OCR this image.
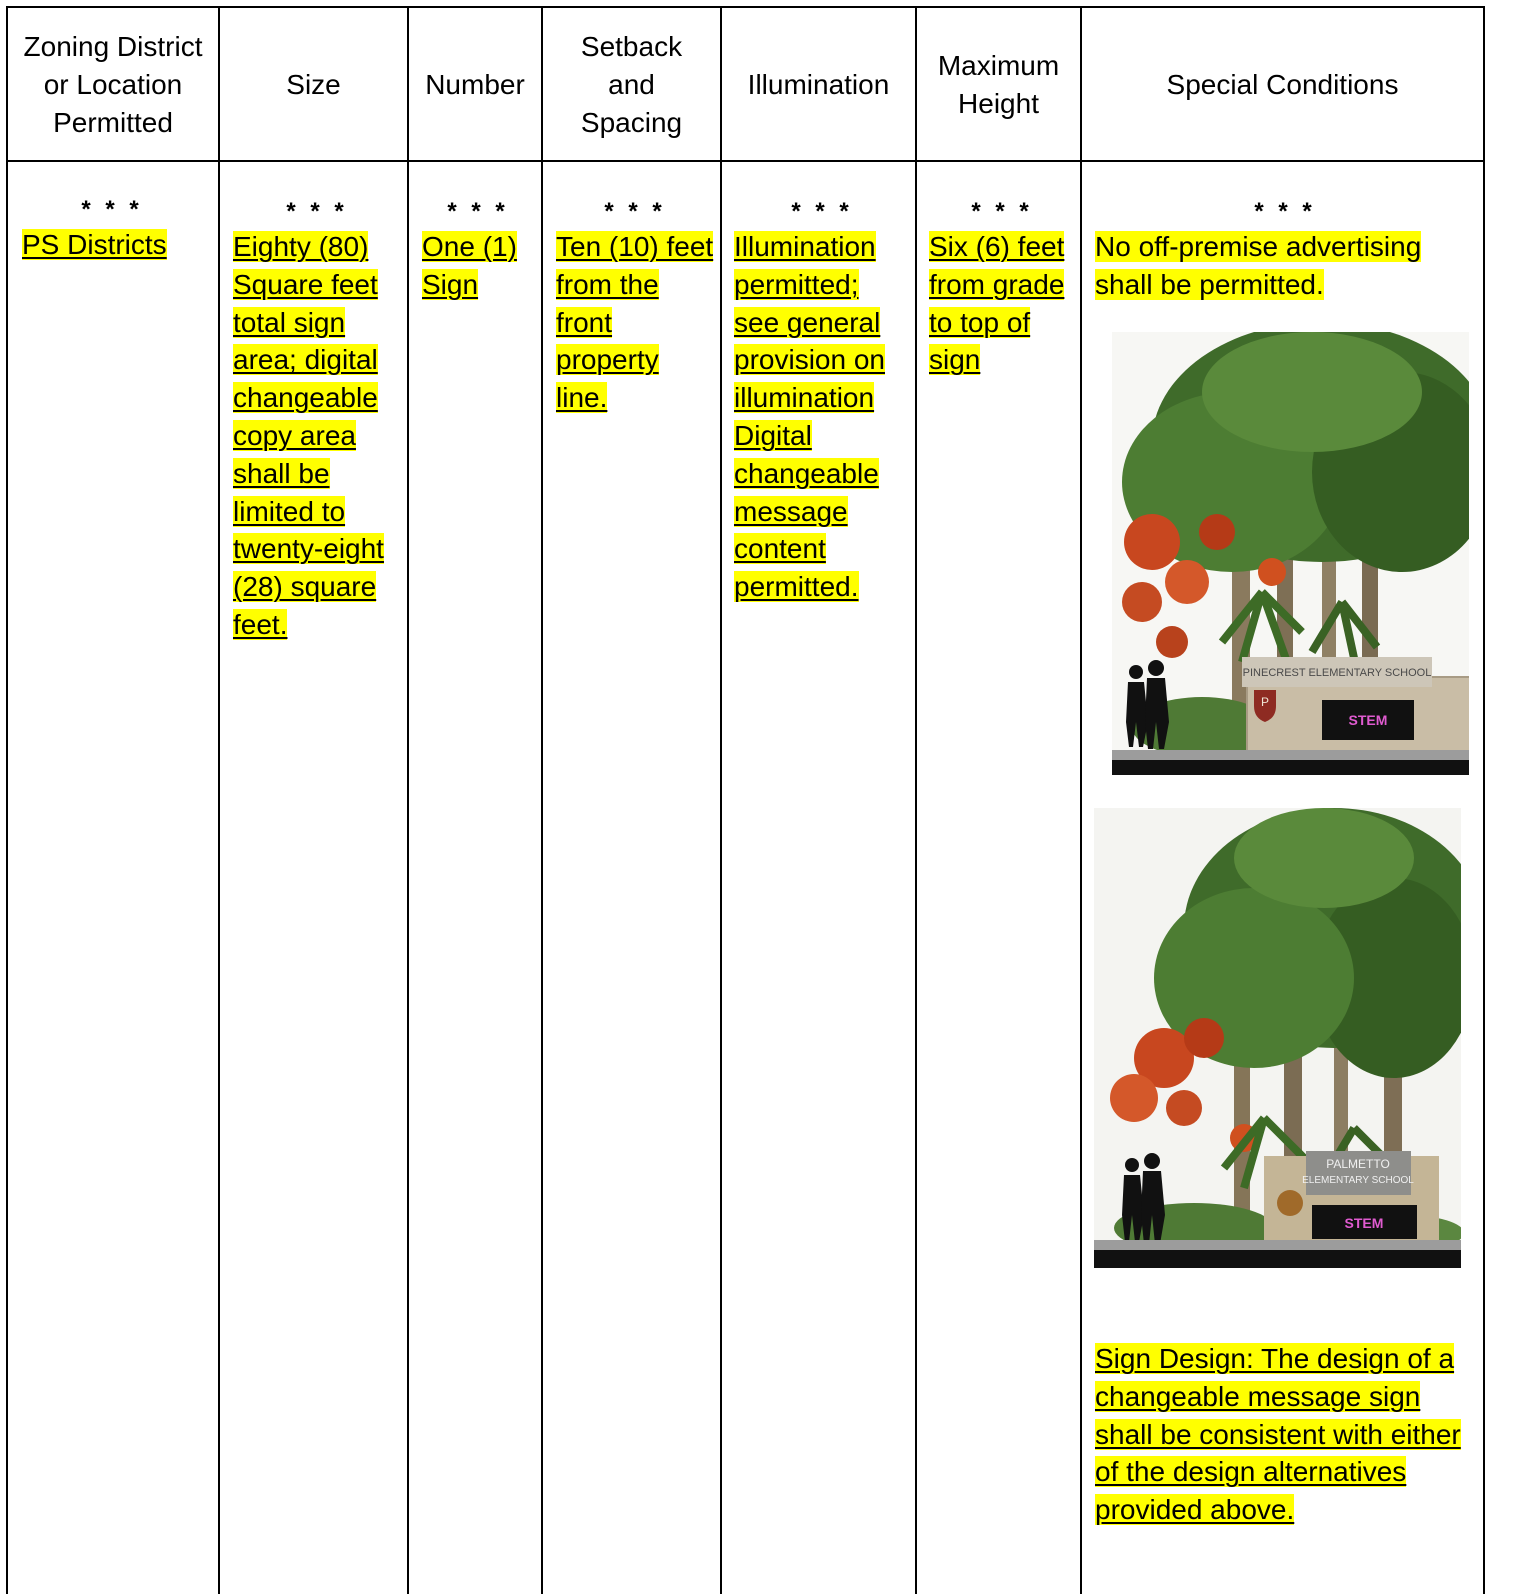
Zoning District
or Location
Permitted
Size	Number
Setback
and
Spacing
Illumination
Maximum
Height
Special Conditions
* * *
PS Districts
* * *
Eighty (80) Square feet total sign area; digital changeable copy area shall be limited to twenty-eight (28) square feet.
* * *
One (1) Sign
* * *
Ten (10) feet from the front property line.
* * *
Illumination permitted; see general provision on illumination Digital changeable message content permitted.
* * *
Six (6) feet from grade to top of sign
* * *
No off-premise advertising shall be permitted.
PINECREST ELEMENTARY SCHOOL
P
STEM
PALMETTO
ELEMENTARY SCHOOL
STEM
Sign Design: The design of a changeable message sign shall be consistent with either of the design alternatives provided above.
